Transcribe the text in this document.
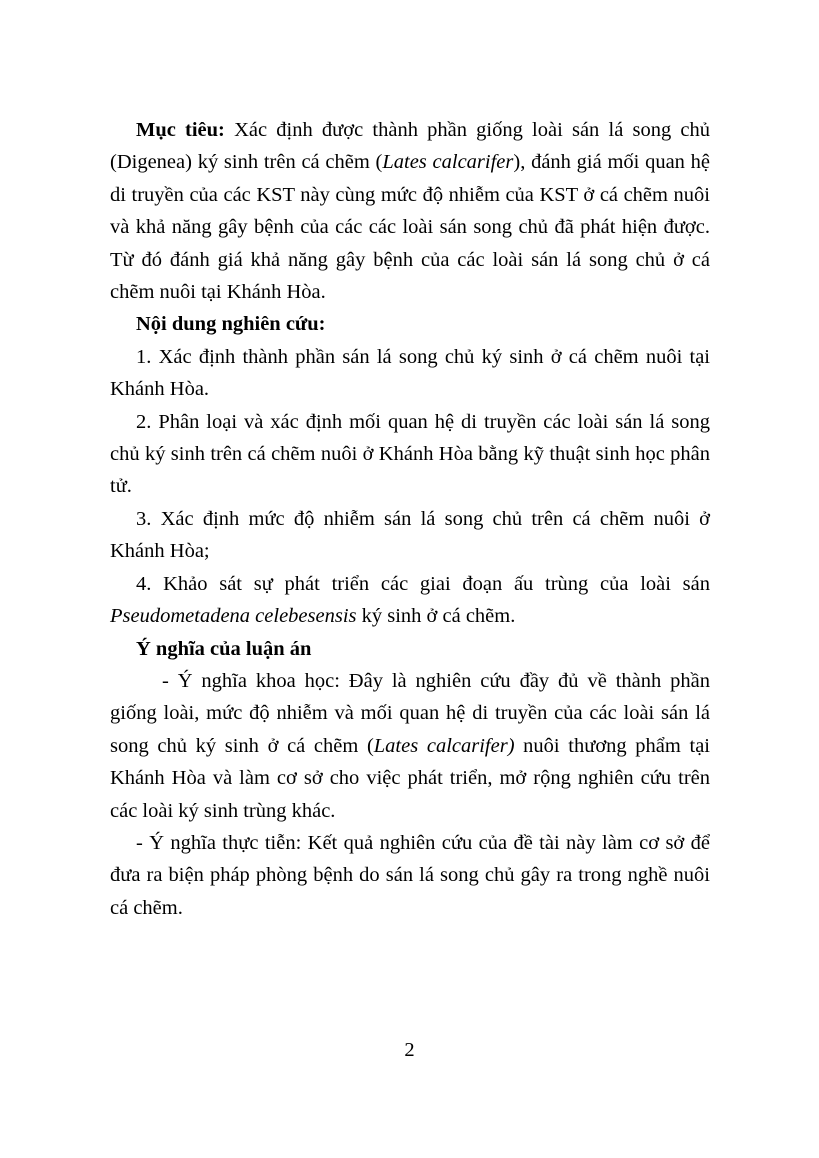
Mục tiêu: Xác định được thành phần giống loài sán lá song chủ (Digenea) ký sinh trên cá chẽm (Lates calcarifer), đánh giá mối quan hệ di truyền của các KST này cùng mức độ nhiễm của KST ở cá chẽm nuôi và khả năng gây bệnh của các các loài sán song chủ đã phát hiện được. Từ đó đánh giá khả năng gây bệnh của các loài sán lá song chủ ở cá chẽm nuôi tại Khánh Hòa.

Nội dung nghiên cứu:

1. Xác định thành phần sán lá song chủ ký sinh ở cá chẽm nuôi tại Khánh Hòa.

2. Phân loại và xác định mối quan hệ di truyền các loài sán lá song chủ ký sinh trên cá chẽm nuôi ở Khánh Hòa bằng kỹ thuật sinh học phân tử.

3. Xác định mức độ nhiễm sán lá song chủ trên cá chẽm nuôi ở Khánh Hòa;

4. Khảo sát sự phát triển các giai đoạn ấu trùng của loài sán Pseudometadena celebesensis ký sinh ở cá chẽm.

Ý nghĩa của luận án

- Ý nghĩa khoa học: Đây là nghiên cứu đầy đủ về thành phần giống loài, mức độ nhiễm và mối quan hệ di truyền của các loài sán lá song chủ ký sinh ở cá chẽm (Lates calcarifer) nuôi thương phẩm tại Khánh Hòa và làm cơ sở cho việc phát triển, mở rộng nghiên cứu trên các loài ký sinh trùng khác.

- Ý nghĩa thực tiễn: Kết quả nghiên cứu của đề tài này làm cơ sở để đưa ra biện pháp phòng bệnh do sán lá song chủ gây ra trong nghề nuôi cá chẽm.

2
